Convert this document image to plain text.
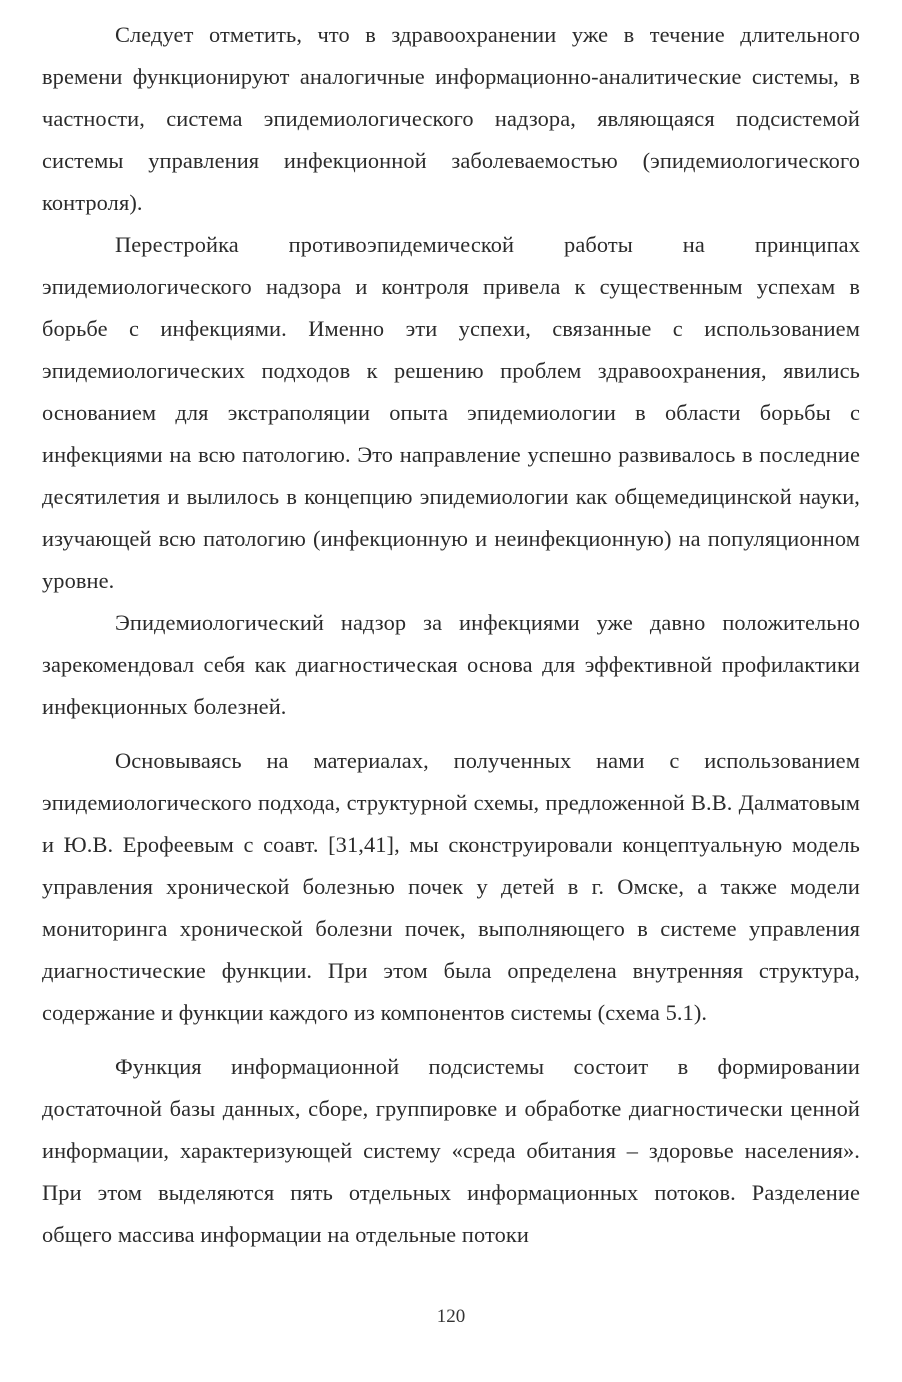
Следует отметить, что в здравоохранении уже в течение длительного времени функционируют аналогичные информационно-аналитические системы, в частности, система эпидемиологического надзора, являющаяся подсистемой системы управления инфекционной заболеваемостью (эпидемиологического контроля).

Перестройка противоэпидемической работы на принципах эпидемиологического надзора и контроля привела к существенным успехам в борьбе с инфекциями. Именно эти успехи, связанные с использованием эпидемиологических подходов к решению проблем здравоохранения, явились основанием для экстраполяции опыта эпидемиологии в области борьбы с инфекциями на всю патологию. Это направление успешно развивалось в последние десятилетия и вылилось в концепцию эпидемиологии как общемедицинской науки, изучающей всю патологию (инфекционную и неинфекционную) на популяционном уровне.

Эпидемиологический надзор за инфекциями уже давно положительно зарекомендовал себя как диагностическая основа для эффективной профилактики инфекционных болезней.

Основываясь на материалах, полученных нами с использованием эпидемиологического подхода, структурной схемы, предложенной В.В. Далматовым и Ю.В. Ерофеевым с соавт. [31,41], мы сконструировали концептуальную модель управления хронической болезнью почек у детей в г. Омске, а также модели мониторинга хронической болезни почек, выполняющего в системе управления диагностические функции. При этом была определена внутренняя структура, содержание и функции каждого из компонентов системы (схема 5.1).

Функция информационной подсистемы состоит в формировании достаточной базы данных, сборе, группировке и обработке диагностически ценной информации, характеризующей систему «среда обитания – здоровье населения». При этом выделяются пять отдельных информационных потоков. Разделение общего массива информации на отдельные потоки

120
